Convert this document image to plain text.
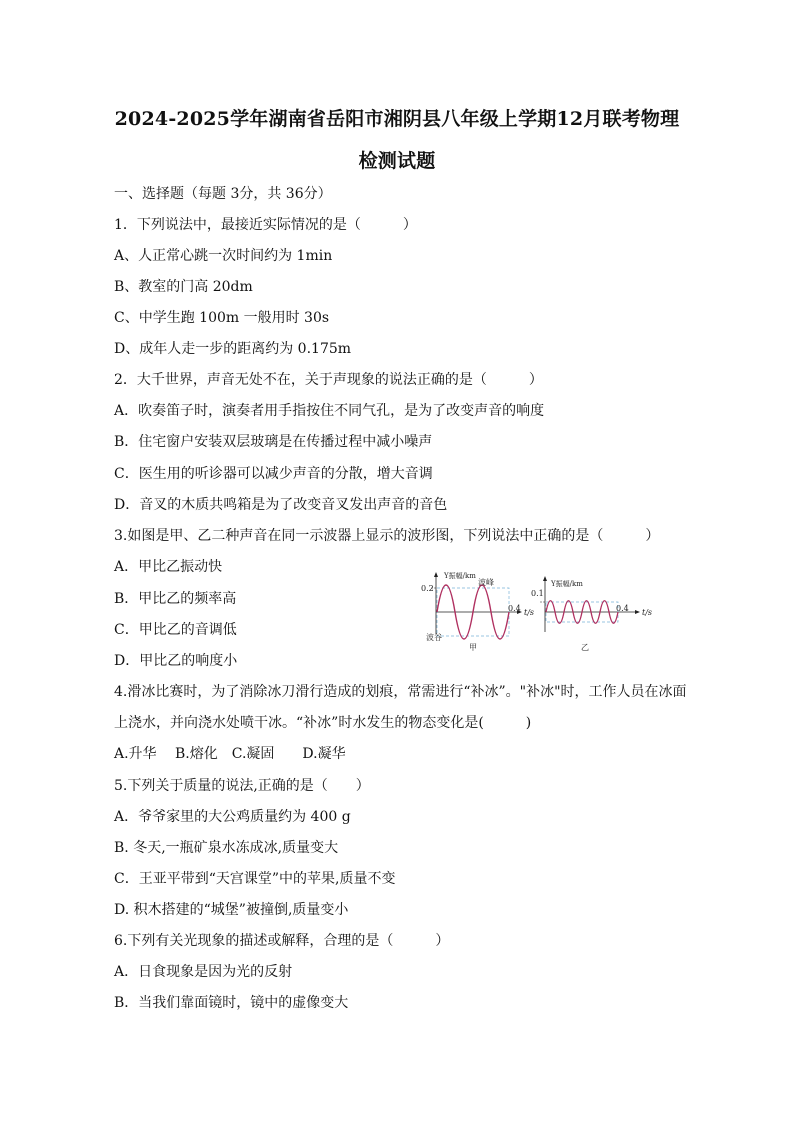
2024-2025学年湖南省岳阳市湘阴县八年级上学期12月联考物理
检测试题
一、选择题（每题 3分，共 36分）
1．下列说法中，最接近实际情况的是（　　　）
A、人正常心跳一次时间约为 1min
B、教室的门高 20dm
C、中学生跑 100m 一般用时 30s
D、成年人走一步的距离约为 0.175m
2．大千世界，声音无处不在，关于声现象的说法正确的是（　　　）
A．吹奏笛子时，演奏者用手指按住不同气孔，是为了改变声音的响度
B．住宅窗户安装双层玻璃是在传播过程中减小噪声
C．医生用的听诊器可以减少声音的分散，增大音调
D．音叉的木质共鸣箱是为了改变音叉发出声音的音色
3.如图是甲、乙二种声音在同一示波器上显示的波形图，下列说法中正确的是（　　　）
A．甲比乙振动快
B．甲比乙的频率高
C．甲比乙的音调低
D．甲比乙的响度小
Y振幅/km
0.2
0.4 t/s
波峰
波谷
甲
Y振幅/km
0.1
0.4 t/s
乙
4.滑冰比赛时，为了消除冰刀滑行造成的划痕，常需进行“补冰”。"补冰"时，工作人员在冰面
上浇水，并向浇水处喷干冰。“补冰”时水发生的物态变化是(　　　)
A.升华　 B.熔化　C.凝固　　D.凝华
5.下列关于质量的说法,正确的是（　　）
A．爷爷家里的大公鸡质量约为 400 g
B. 冬天,一瓶矿泉水冻成冰,质量变大
C．王亚平带到“天宫课堂”中的苹果,质量不变
D. 积木搭建的“城堡”被撞倒,质量变小
6.下列有关光现象的描述或解释，合理的是（　　　）
A．日食现象是因为光的反射
B．当我们靠面镜时，镜中的虚像变大
